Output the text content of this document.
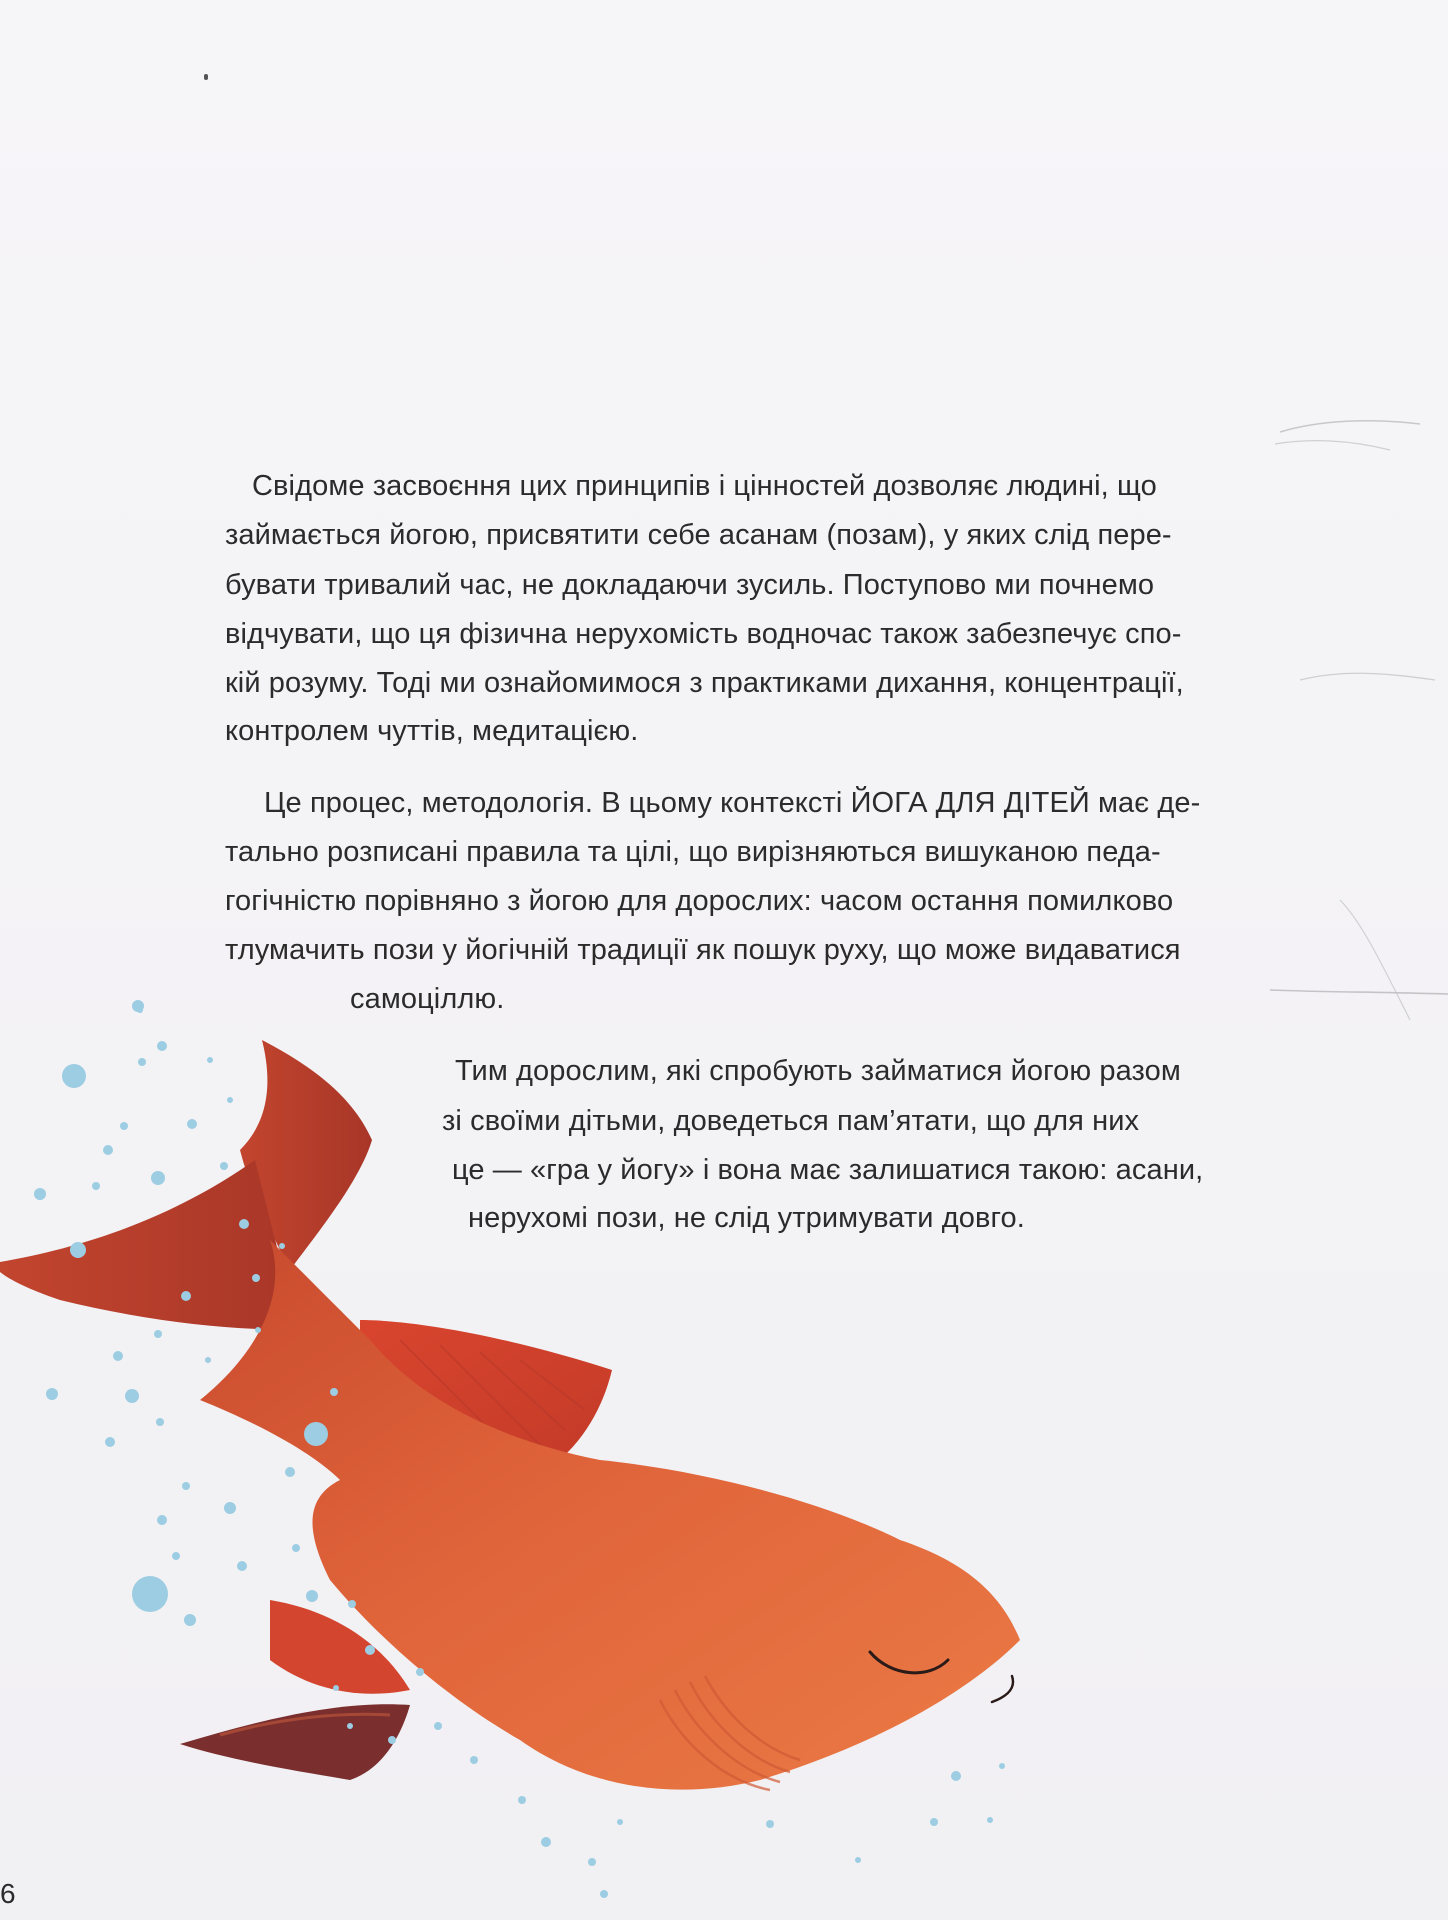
Свідоме засвоєння цих принципів і цінностей дозволяє людині, що
займається йогою, присвятити себе асанам (позам), у яких слід пере-
бувати тривалий час, не докладаючи зусиль. Поступово ми почнемо
відчувати, що ця фізична нерухомість водночас також забезпечує спо-
кій розуму. Тоді ми ознайомимося з практиками дихання, концентрації,
контролем чуттів, медитацією.
Це процес, методологія. В цьому контексті ЙОГА ДЛЯ ДІТЕЙ має де-
тально розписані правила та цілі, що вирізняються вишуканою педа-
гогічністю порівняно з йогою для дорослих: часом остання помилково
тлумачить пози у йогічній традиції як пошук руху, що може видаватися
самоціллю.
Тим дорослим, які спробують займатися йогою разом
зі своїми дітьми, доведеться пам’ятати, що для них
це — «гра у йогу» і вона має залишатися такою: асани,
нерухомі пози, не слід утримувати довго.
6
